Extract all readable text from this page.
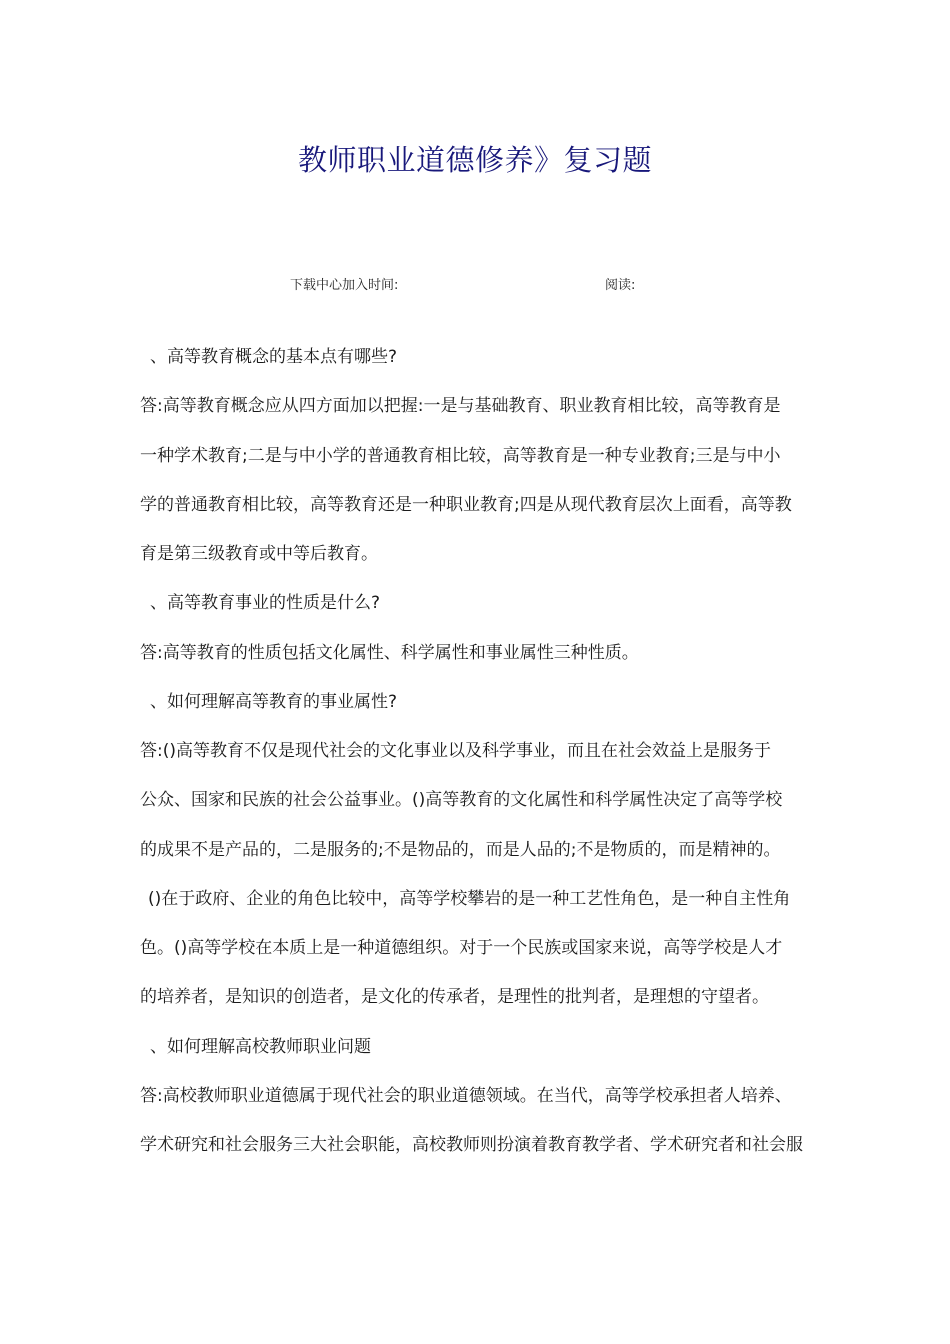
教师职业道德修养》复习题
下载中心加入时间:	阅读:
、高等教育概念的基本点有哪些?
答:高等教育概念应从四方面加以把握:一是与基础教育、职业教育相比较，高等教育是
一种学术教育;二是与中小学的普通教育相比较，高等教育是一种专业教育;三是与中小
学的普通教育相比较，高等教育还是一种职业教育;四是从现代教育层次上面看，高等教
育是第三级教育或中等后教育。
、高等教育事业的性质是什么?
答:高等教育的性质包括文化属性、科学属性和事业属性三种性质。
、如何理解高等教育的事业属性?
答:()高等教育不仅是现代社会的文化事业以及科学事业，而且在社会效益上是服务于
公众、国家和民族的社会公益事业。()高等教育的文化属性和科学属性决定了高等学校
的成果不是产品的，二是服务的;不是物品的，而是人品的;不是物质的，而是精神的。
()在于政府、企业的角色比较中，高等学校攀岩的是一种工艺性角色，是一种自主性角
色。()高等学校在本质上是一种道德组织。对于一个民族或国家来说，高等学校是人才
的培养者，是知识的创造者，是文化的传承者，是理性的批判者，是理想的守望者。
、如何理解高校教师职业问题
答:高校教师职业道德属于现代社会的职业道德领域。在当代，高等学校承担者人培养、
学术研究和社会服务三大社会职能，高校教师则扮演着教育教学者、学术研究者和社会服
